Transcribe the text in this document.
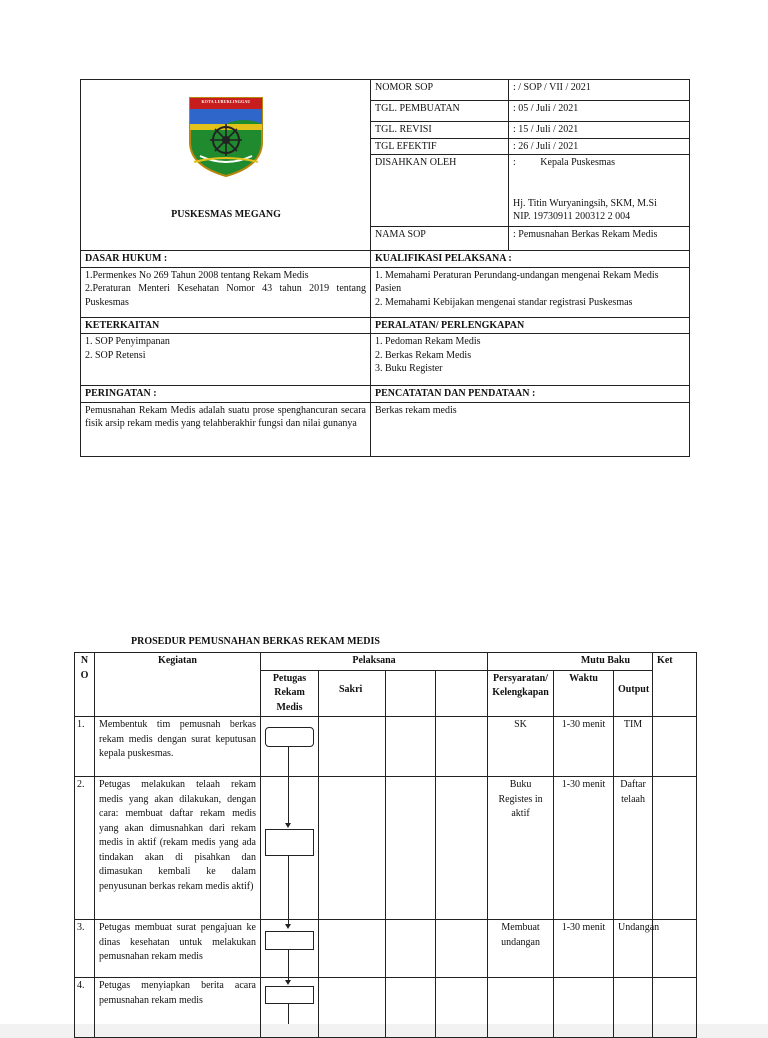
KOTA LUBUKLINGGAU
PUSKESMAS MEGANG	NOMOR SOP	: / SOP / VII / 2021
	TGL. PEMBUATAN	: 05 / Juli / 2021
	TGL. REVISI	: 15 / Juli / 2021
	TGL EFEKTIF	: 26 / Juli / 2021
	DISAHKAN OLEH	: Kepala Puskesmas
Hj. Titin Wuryaningsih, SKM, M.Si
NIP. 19730911 200312 2 004

	NAMA SOP	: Pemusnahan Berkas Rekam Medis
DASAR HUKUM :	KUALIFIKASI PELAKSANA :	

1.Permenkes No 269 Tahun 2008 tentang Rekam Medis
2.Peraturan Menteri Kesehatan Nomor 43 tahun 2019 tentang Puskesmas	1. Memahami Peraturan Perundang-undangan mengenai Rekam Medis Pasien
2. Memahami Kebijakan mengenai standar registrasi Puskesmas	

KETERKAITAN	PERALATAN/ PERLENGKAPAN	

1. SOP Penyimpanan
2. SOP Retensi	1. Pedoman Rekam Medis
2. Berkas Rekam Medis
3. Buku Register	

PERINGATAN :	PENCATATAN DAN PENDATAAN :	
Pemusnahan Rekam Medis adalah suatu prose spenghancuran secara fisik arsip rekam medis yang telahberakhir fungsi dan nilai gunanya	Berkas rekam medis	
PROSEDUR PEMUSNAHAN BERKAS REKAM MEDIS
N O	Kegiatan	Pelaksana				Mutu Baku			Ket
		Petugas Rekam Medis	Sakri			Persyaratan/ Kelengkapan	Waktu	Output	
1.	Membentuk tim pemusnah berkas rekam medis dengan surat keputusan kepala puskesmas.					SK	1-30 menit	TIM	
2.	Petugas melakukan telaah rekam medis yang akan dilakukan, dengan cara: membuat daftar rekam medis yang akan dimusnahkan dari rekam medis in aktif (rekam medis yang ada tindakan akan di pisahkan dan dimasukan kembali ke dalam penyusunan berkas rekam medis aktif)					Buku Registes in aktif	1-30 menit	Daftar telaah	
3.	Petugas membuat surat pengajuan ke dinas kesehatan untuk melakukan pemusnahan rekam medis					Membuat undangan	1-30 menit	Undangan	
4.	Petugas menyiapkan berita acara pemusnahan rekam medis								
